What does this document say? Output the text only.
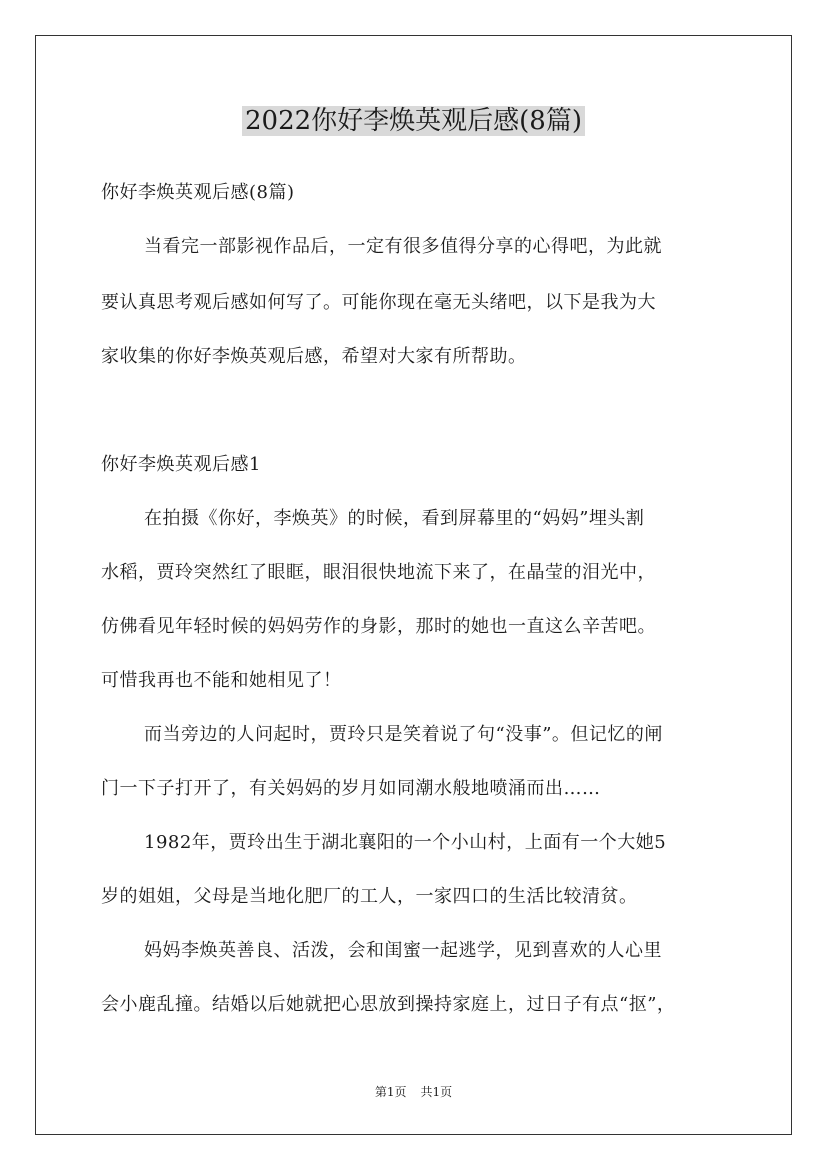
2022你好李焕英观后感(8篇)
你好李焕英观后感(8篇)
当看完一部影视作品后，一定有很多值得分享的心得吧，为此就
要认真思考观后感如何写了。可能你现在毫无头绪吧，以下是我为大
家收集的你好李焕英观后感，希望对大家有所帮助。
你好李焕英观后感1
在拍摄《你好，李焕英》的时候，看到屏幕里的“妈妈”埋头割
水稻，贾玲突然红了眼眶，眼泪很快地流下来了，在晶莹的泪光中，
仿佛看见年轻时候的妈妈劳作的身影，那时的她也一直这么辛苦吧。
可惜我再也不能和她相见了！
而当旁边的人问起时，贾玲只是笑着说了句“没事”。但记忆的闸
门一下子打开了，有关妈妈的岁月如同潮水般地喷涌而出……
1982年，贾玲出生于湖北襄阳的一个小山村，上面有一个大她5
岁的姐姐，父母是当地化肥厂的工人，一家四口的生活比较清贫。
妈妈李焕英善良、活泼，会和闺蜜一起逃学，见到喜欢的人心里
会小鹿乱撞。结婚以后她就把心思放到操持家庭上，过日子有点“抠”，
第1页 共1页
